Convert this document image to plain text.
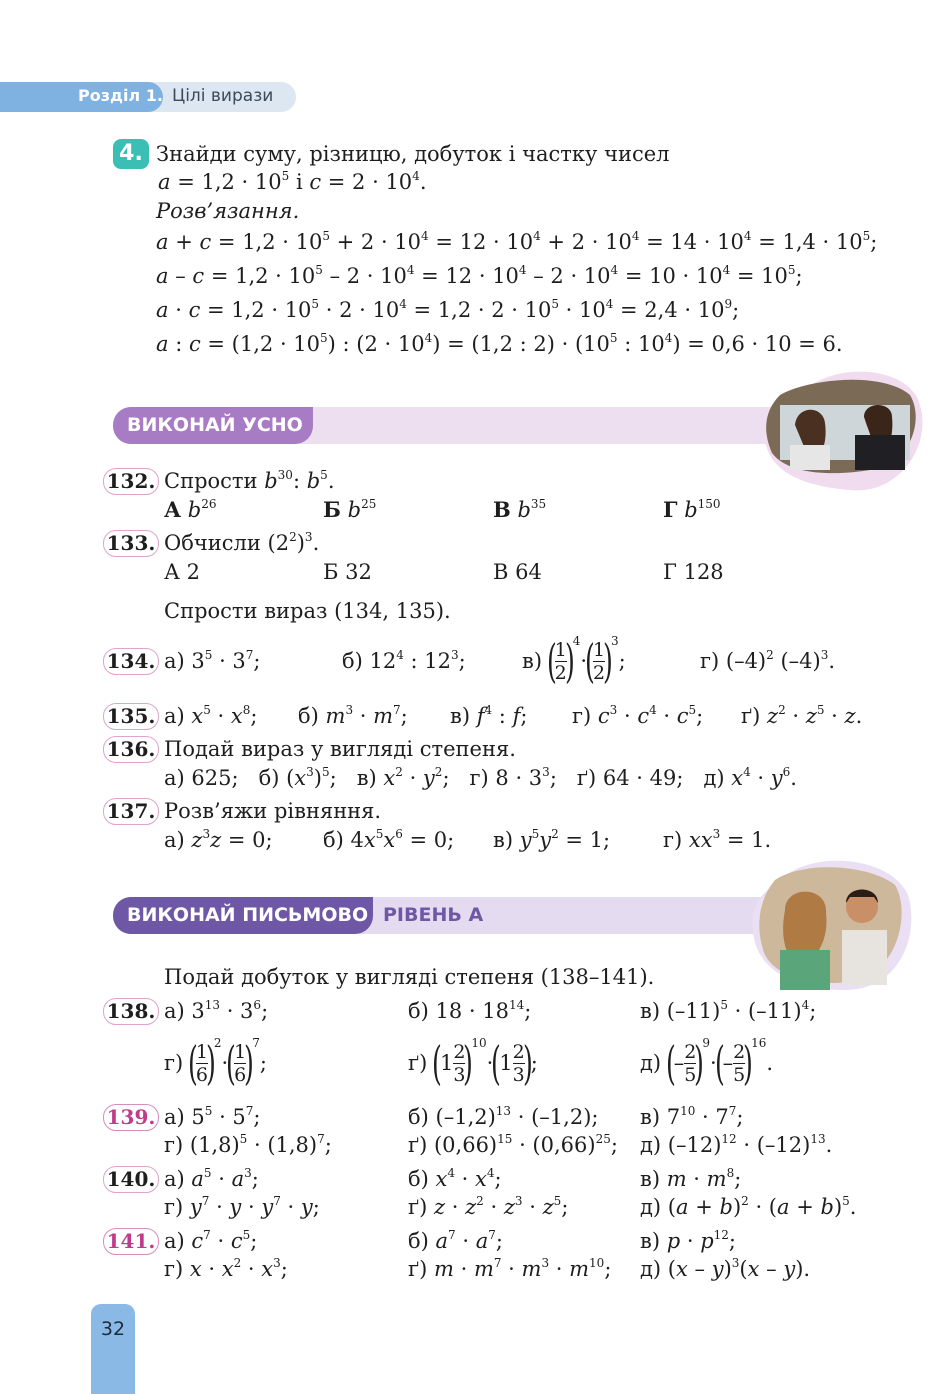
Розділ 1. Цілі вирази
4. Знайди суму, різницю, добуток і частку чисел
$a = 1,2 \cdot 10^5$ і $c = 2 \cdot 10^4$.
Розв’язання.
$a + c = 1,2 \cdot 10^5 + 2 \cdot 10^4 = 12 \cdot 10^4 + 2 \cdot 10^4 = 14 \cdot 10^4 = 1,4 \cdot 10^5$;
$a - c = 1,2 \cdot 10^5 - 2 \cdot 10^4 = 12 \cdot 10^4 - 2 \cdot 10^4 = 10 \cdot 10^4 = 10^5$;
$a \cdot c = 1,2 \cdot 10^5 \cdot 2 \cdot 10^4 = 1,2 \cdot 2 \cdot 10^5 \cdot 10^4 = 2,4 \cdot 10^9$;
a : $c = (1,2 \cdot 10^5)$ : $(2 \cdot 10^4) = (1,2$ : $2) \cdot (10^5$ : $10^4) = 0,6 \cdot 10 = 6$.
ВИКОНАЙ УСНО
132. Спрости $b^{30}$: $b^5$.
А $b^{26}$	Б $b^{25}$	В $b^{35}$	Г $b^{150}$
133. Обчисли $(2^2)^3$.
А 2	Б 32	В 64	Г 128
Спрости вираз (134, 135).
134. а) $3^5 \cdot 3^7$;	б) $12^4$ : $12^3$;	в)
(
$\frac{1}{2}$
)
$^4$
·
(
$\frac{1}{2}$
)
$^3$
;	г) $(-4)^2$ $(-4)^3$.
135. а) $x^5 \cdot x^8$; б) $m^3 \cdot m^7$; в) $f^4$ : f; г) $c^3 \cdot c^4 \cdot c^5$; ґ) $z^2 \cdot z^5 \cdot z$.
136. Подай вираз у вигляді степеня.
а) 625;   б) $(x^3)^5$;   в) $x^2 \cdot y^2$;   г) $8 \cdot 3^3$;   ґ) 64 · 49;   д) $x^4 \cdot y^6$.
137. Розв’яжи рівняння.
а) $z^3z = 0$; б) $4x^5x^6 = 0$; в) $y^5y^2 = 1$;	г) $xx^3 = 1$.
ВИКОНАЙ ПИСЬМОВО РІВЕНЬ А
Подай добуток у вигляді степеня (138–141).
138. а) $3^{13} \cdot 3^6$;	б) $18 \cdot 18^{14}$;	в) $(-11)^5 \cdot (-11)^4$;
г)
(
$\frac{1}{6}$
)
$^2$
·
(
$\frac{1}{6}$
)
$^7$
;	ґ)
(
$1 \frac{2}{3}$
)
$^{10}$
·
(
$1 \frac{2}{3}$
)
;	д)
(
– $\frac{2}{5}$
)
$^9$
·
(
– $\frac{2}{5}$
)
$^{16}$
.
139. а) $5^5 \cdot 5^7$;	б) $(-1,2)^{13} \cdot (-1,2)$; в) $7^{10} \cdot 7^7$;
г) $(1,8)^5 \cdot (1,8)^7$;	ґ) $(0,66)^{15} \cdot (0,66)^{25}$; д) $(-12)^{12} \cdot (-12)^{13}$.
140. а) $a^5 \cdot a^3$;	б) $x^4 \cdot x^4$;	в) $m \cdot m^8$;
г) $y^7 \cdot y \cdot y^7 \cdot y$;	ґ) $z \cdot z^2 \cdot z^3 \cdot z^5$;	д) $(a + b)^2 \cdot (a + b)^5$.
141. а) $c^7 \cdot c^5$;	б) $a^7 \cdot a^7$;	в) $p \cdot p^{12}$;
г) $x \cdot x^2 \cdot x^3$;	ґ) $m \cdot m^7 \cdot m^3 \cdot m^{10}$; д) (x – y)$^3$(x – y).
32
